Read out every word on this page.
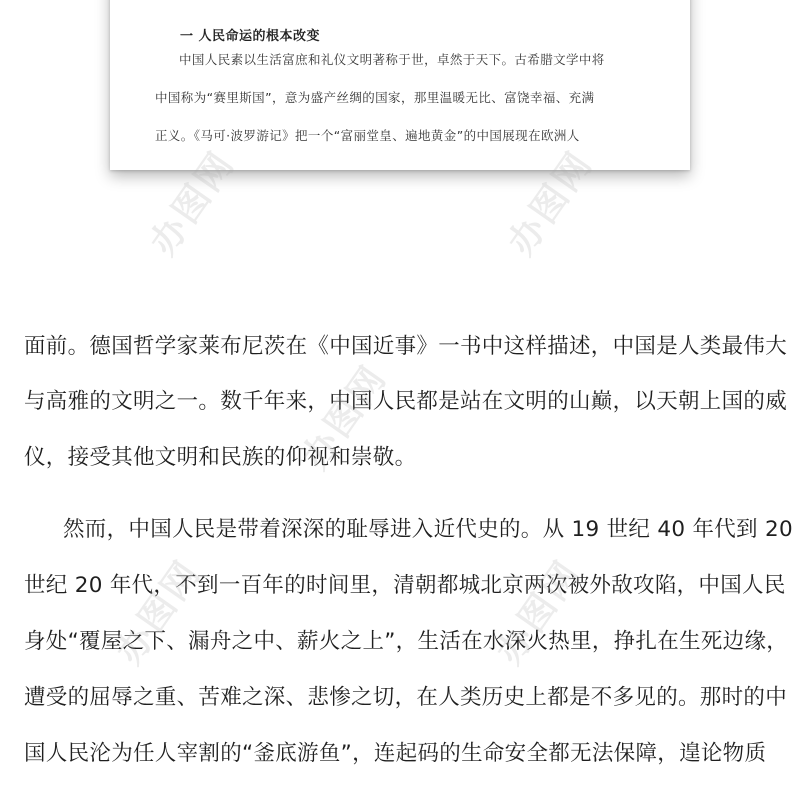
一 人民命运的根本改变
中国人民素以生活富庶和礼仪文明著称于世，卓然于天下。古希腊文学中将
中国称为“赛里斯国”，意为盛产丝绸的国家，那里温暖无比、富饶幸福、充满
正义。《马可·波罗游记》把一个“富丽堂皇、遍地黄金”的中国展现在欧洲人
面前。德国哲学家莱布尼茨在《中国近事》一书中这样描述，中国是人类最伟大
与高雅的文明之一。数千年来，中国人民都是站在文明的山巅，以天朝上国的威
仪，接受其他文明和民族的仰视和崇敬。
然而，中国人民是带着深深的耻辱进入近代史的。从 19 世纪 40 年代到 20
世纪 20 年代，不到一百年的时间里，清朝都城北京两次被外敌攻陷，中国人民
身处“覆屋之下、漏舟之中、薪火之上”，生活在水深火热里，挣扎在生死边缘，
遭受的屈辱之重、苦难之深、悲惨之切，在人类历史上都是不多见的。那时的中
国人民沦为任人宰割的“釜底游鱼”，连起码的生命安全都无法保障，遑论物质
办图网	办图网
办图网
办图网	办图网
